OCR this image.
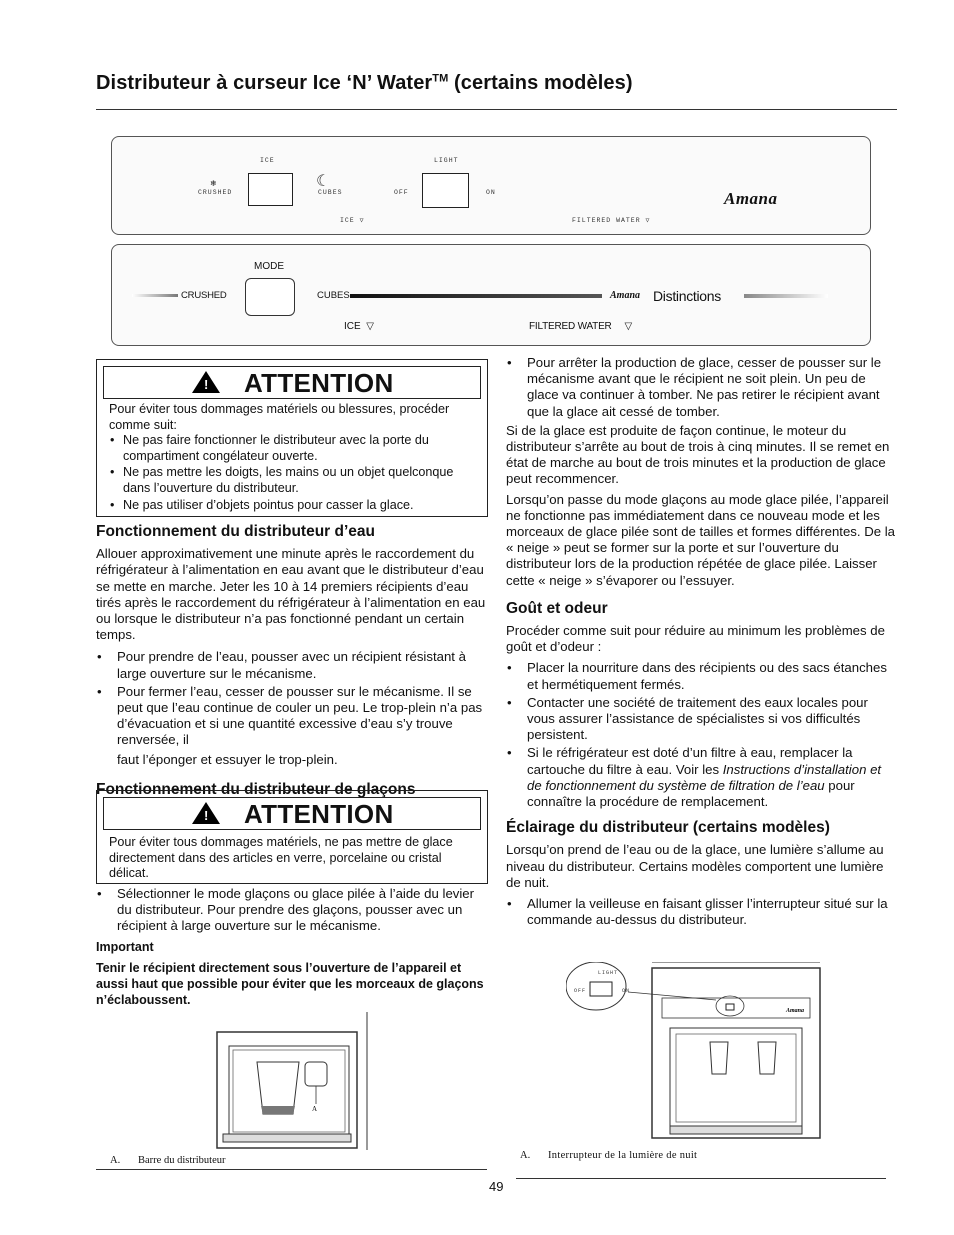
Distributeur à curseur Ice ‘N’ Water™ (certains modèles)
ICE
CRUSHED
❄	☾
CUBES
LIGHT
OFF	ON
ICE ▽	FILTERED WATER ▽
Amana
MODE
CRUSHED	CUBES	Amana Distinctions
ICE  ▽	FILTERED WATER     ▽
! ATTENTION

Pour éviter tous dommages matériels ou blessures, procéder comme suit:

• Ne pas faire fonctionner le distributeur avec la porte du compartiment congélateur ouverte.
• Ne pas mettre les doigts, les mains ou un objet quelconque dans l’ouverture du distributeur.
• Ne pas utiliser d’objets pointus pour casser la glace.
Fonctionnement du distributeur d’eau

Allouer approximativement une minute après le raccordement du réfrigérateur à l’alimentation en eau avant que le distributeur d’eau se mette en marche. Jeter les 10 à 14 premiers récipients d’eau tirés après le raccordement du réfrigérateur à l’alimentation en eau ou lorsque le distributeur n’a pas fonctionné pendant un certain temps.

• Pour prendre de l’eau, pousser avec un récipient résistant à large ouverture sur le mécanisme.
• Pour fermer l’eau, cesser de pousser sur le mécanisme. Il se peut que l’eau continue de couler un peu. Le trop-plein n’a pas d’évacuation et si une quantité excessive d’eau s’y trouve renversée, il

faut l’éponger et essuyer le trop-plein.

Fonctionnement du distributeur de glaçons
! ATTENTION

Pour éviter tous dommages matériels, ne pas mettre de glace directement dans des articles en verre, porcelaine ou cristal délicat.

• Sélectionner le mode glaçons ou glace pilée à l’aide du levier du distributeur. Pour prendre des glaçons, pousser avec un récipient à large ouverture sur le mécanisme.

Important

Tenir le récipient directement sous l’ouverture de l’appareil et aussi haut que possible pour éviter que les morceaux de glaçons n’éclaboussent.

A
A. Barre du distributeur
• Pour arrêter la production de glace, cesser de pousser sur le mécanisme avant que le récipient ne soit plein. Un peu de glace va continuer à tomber. Ne pas retirer le récipient avant que la glace ait cessé de tomber.

Si de la glace est produite de façon continue, le moteur du distributeur s’arrête au bout de trois à cinq minutes. Il se remet en état de marche au bout de trois minutes et la production de glace peut recommencer.

Lorsqu’on passe du mode glaçons au mode glace pilée, l’appareil ne fonctionne pas immédiatement dans ce nouveau mode et les morceaux de glace pilée sont de tailles et formes différentes. De la « neige » peut se former sur la porte et sur l’ouverture du distributeur lors de la production répétée de glace pilée. Laisser cette « neige » s’évaporer ou l’essuyer.

Goût et odeur

Procéder comme suit pour réduire au minimum les problèmes de goût et d’odeur :

• Placer la nourriture dans des récipients ou des sacs étanches et hermétiquement fermés.
• Contacter une société de traitement des eaux locales pour vous assurer l’assistance de spécialistes si vos difficultés persistent.
• Si le réfrigérateur est doté d’un filtre à eau, remplacer la cartouche du filtre à eau. Voir les Instructions d’installation et de fonctionnement du système de filtration de l’eau pour connaître la procédure de remplacement.
Éclairage du distributeur (certains modèles)

Lorsqu’on prend de l’eau ou de la glace, une lumière s’allume au niveau du distributeur. Certains modèles comportent une lumière de nuit.

• Allumer la veilleuse en faisant glisser l’interrupteur situé sur la commande au-dessus du distributeur.
Amana
LIGHT
OFF	ON
A. Interrupteur de la lumière de nuit
49
